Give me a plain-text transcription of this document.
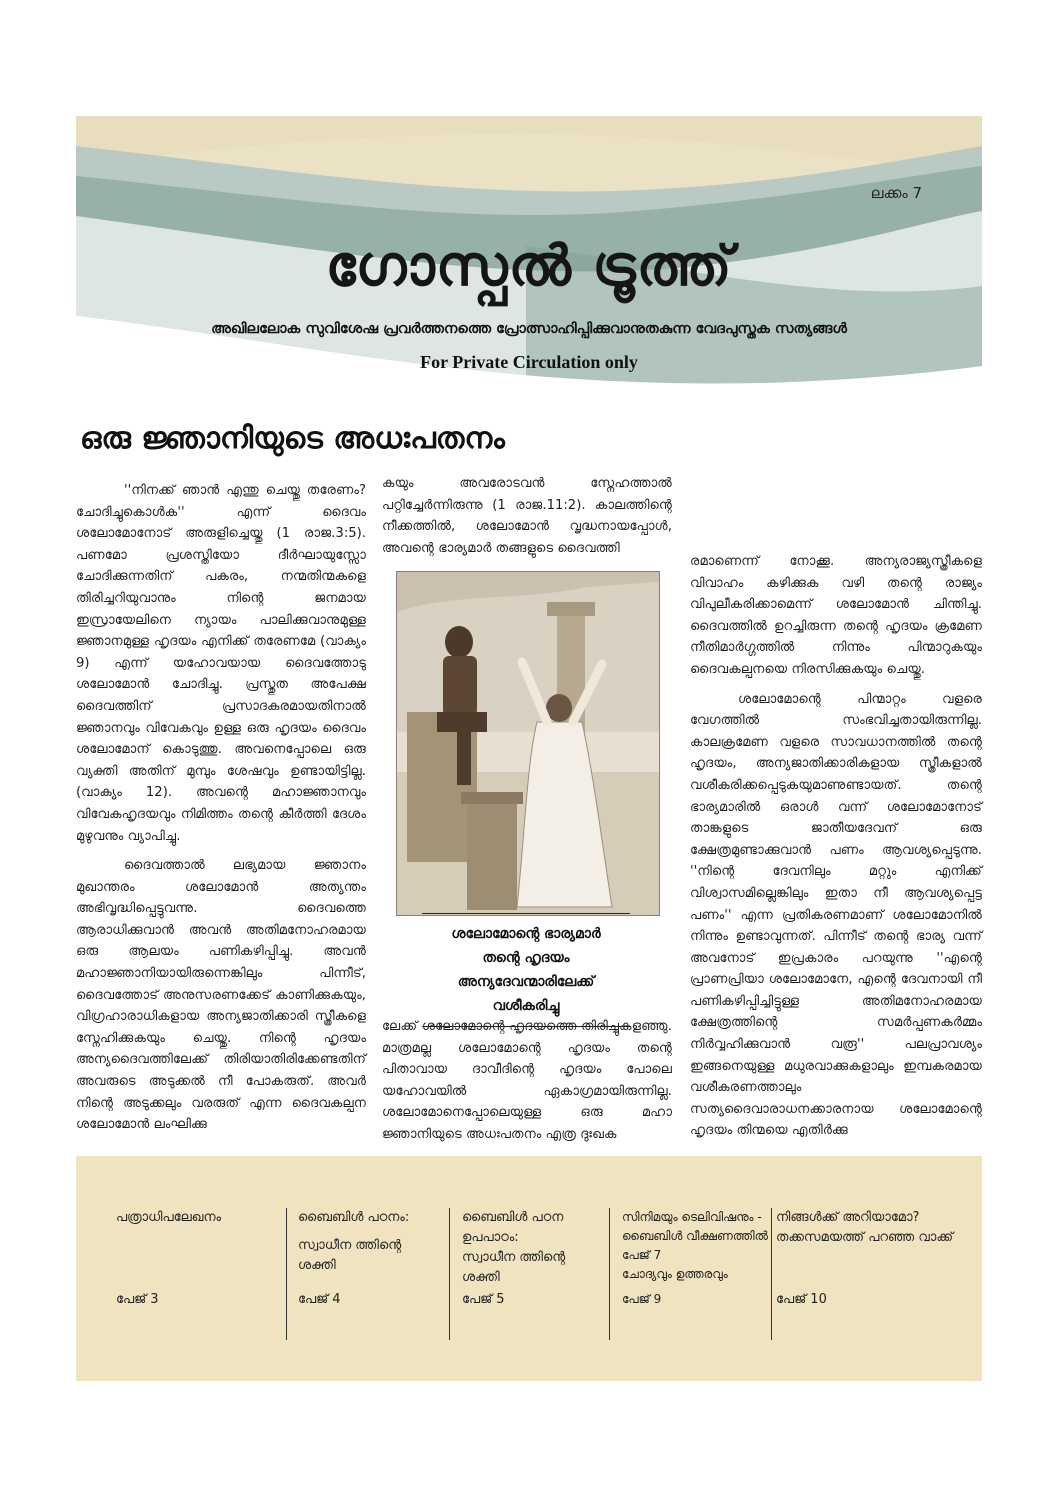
ലക്കം 7
ഗോസ്പൽ ട്രൂത്ത്
അഖിലലോക സുവിശേഷ പ്രവർത്തനത്തെ പ്രോത്സാഹിപ്പിക്കുവാനുതകുന്ന വേദപുസ്തക സത്യങ്ങൾ
For Private Circulation only
ഒരു ജ്ഞാനിയുടെ അധഃപതനം

''നിനക്ക് ഞാൻ എന്തു ചെയ്തു തരേണം? ചോദിച്ചുകൊൾക'' എന്ന് ദൈവം ശലോമോനോട് അരുളിച്ചെയ്തു (1 രാജ.3:5). പണമോ പ്രശസ്തിയോ ദീർഘായുസ്സോ ചോദിക്കുന്നതിന് പകരം, നന്മതിന്മകളെ തിരിച്ചറിയുവാനും നിന്റെ ജനമായ ഇസ്രായേലിനെ ന്യായം പാലിക്കുവാനുമുള്ള ജ്ഞാനമുള്ള ഹൃദയം എനിക്ക് തരേണമേ (വാക്യം 9) എന്ന് യഹോവയായ ദൈവത്തോടു ശലോമോൻ ചോദിച്ചു. പ്രസ്തുത അപേക്ഷ ദൈവത്തിന് പ്രസാദകരമായതിനാൽ ജ്ഞാനവും വിവേകവും ഉള്ള ഒരു ഹൃദയം ദൈവം ശലോമോന് കൊടുത്തു. അവനെപ്പോലെ ഒരു വ്യക്തി അതിന് മുമ്പും ശേഷവും ഉണ്ടായിട്ടില്ല. (വാക്യം 12). അവന്റെ മഹാജ്ഞാനവും വിവേകഹൃദയവും നിമിത്തം തന്റെ കീർത്തി ദേശം മുഴുവനും വ്യാപിച്ചു.

ദൈവത്താൽ ലഭ്യമായ ജ്ഞാനം മുഖാന്തരം ശലോമോൻ അത്യന്തം അഭിവൃദ്ധിപ്പെട്ടുവന്നു. ദൈവത്തെ ആരാധിക്കുവാൻ അവൻ അതിമനോഹരമായ ഒരു ആലയം പണികഴിപ്പിച്ചു. അവൻ മഹാജ്ഞാനിയായിരുന്നെങ്കിലും പിന്നീട്, ദൈവത്തോട് അനുസരണക്കേട് കാണിക്കുകയും, വിഗ്രഹാരാധികളായ അന്യജാതിക്കാരി സ്ത്രീകളെ സ്നേഹിക്കുകയും ചെയ്തു. നിന്റെ ഹൃദയം അന്യദൈവത്തിലേക്ക് തിരിയാതിരിക്കേണ്ടതിന് അവരുടെ അടുക്കൽ നീ പോകരുത്. അവർ നിന്റെ അടുക്കലും വരരുത് എന്ന ദൈവകല്പന ശലോമോൻ ലംഘിക്കു

കയും അവരോടവൻ സ്നേഹത്താൽ പറ്റിച്ചേർന്നിരുന്നു (1 രാജ.11:2). കാലത്തിന്റെ നീക്കത്തിൽ, ശലോമോൻ വൃദ്ധനായപ്പോൾ, അവന്റെ ഭാര്യമാർ തങ്ങളുടെ ദൈവത്തി

ശലോമോന്റെ ഭാര്യമാർ
തന്റെ ഹൃദയം
അന്യദേവന്മാരിലേക്ക്
വശീകരിച്ചു

ലേക്ക് ശലോമോന്റെ ഹൃദയത്തെ തിരിച്ചുകളഞ്ഞു. മാത്രമല്ല ശലോമോന്റെ ഹൃദയം തന്റെ പിതാവായ ദാവീദിന്റെ ഹൃദയം പോലെ യഹോവയിൽ ഏകാഗ്രമായിരുന്നില്ല. ശലോമോനെപ്പോലെയുള്ള ഒരു മഹാ ജ്ഞാനിയുടെ അധഃപതനം എത്ര ദുഃഖക

രമാണെന്ന് നോക്കൂ. അന്യരാജ്യസ്ത്രീകളെ വിവാഹം കഴിക്കുക വഴി തന്റെ രാജ്യം വിപുലീകരിക്കാമെന്ന് ശലോമോൻ ചിന്തിച്ചു. ദൈവത്തിൽ ഉറച്ചിരുന്ന തന്റെ ഹൃദയം ക്രമേണ നീതിമാർഗ്ഗത്തിൽ നിന്നും പിന്മാറുകയും ദൈവകല്പനയെ നിരസിക്കുകയും ചെയ്തു.

ശലോമോന്റെ പിന്മാറ്റം വളരെ വേഗത്തിൽ സംഭവിച്ചതായിരുന്നില്ല. കാലക്രമേണ വളരെ സാവധാനത്തിൽ തന്റെ ഹൃദയം, അന്യജാതിക്കാരികളായ സ്ത്രീകളാൽ വശീകരിക്കപ്പെടുകയുമാണുണ്ടായത്. തന്റെ ഭാര്യമാരിൽ ഒരാൾ വന്ന് ശലോമോനോട് താങ്കളുടെ ജാതീയദേവന് ഒരു ക്ഷേത്രമുണ്ടാക്കുവാൻ പണം ആവശ്യപ്പെടുന്നു. ''നിന്റെ ദേവനിലും മറ്റും എനിക്ക് വിശ്വാസമില്ലെങ്കിലും ഇതാ നീ ആവശ്യപ്പെട്ട പണം'' എന്ന പ്രതികരണമാണ് ശലോമോനിൽ നിന്നും ഉണ്ടാവുന്നത്. പിന്നീട് തന്റെ ഭാര്യ വന്ന് അവനോട് ഇപ്രകാരം പറയുന്നു ''എന്റെ പ്രാണപ്രിയാ ശലോമോനേ, എന്റെ ദേവനായി നീ പണികഴിപ്പിച്ചിട്ടുള്ള അതിമനോഹരമായ ക്ഷേത്രത്തിന്റെ സമർപ്പണകർമ്മം നിർവ്വഹിക്കുവാൻ വരൂ'' പലപ്രാവശ്യം ഇങ്ങനെയുള്ള മധുരവാക്കുകളാലും ഇമ്പകരമായ വശീകരണത്താലും സത്യദൈവാരാധനക്കാരനായ ശലോമോന്റെ ഹൃദയം തിന്മയെ എതിർക്കു

പത്രാധിപലേഖനം
പേജ് 3
ബൈബിൾ പഠനം:
സ്വാധീന ത്തിന്റെ ശക്തി
പേജ് 4
ബൈബിൾ പഠന ഉപപാഠം:
സ്വാധീന ത്തിന്റെ ശക്തി
പേജ് 5
സിനിമയും ടെലിവിഷനും - ബൈബിൾ വീക്ഷണത്തിൽ
പേജ് 7
ചോദ്യവും ഉത്തരവും
പേജ് 9
നിങ്ങൾക്ക് അറിയാമോ?
തക്കസമയത്ത് പറഞ്ഞ വാക്ക്
പേജ് 10
